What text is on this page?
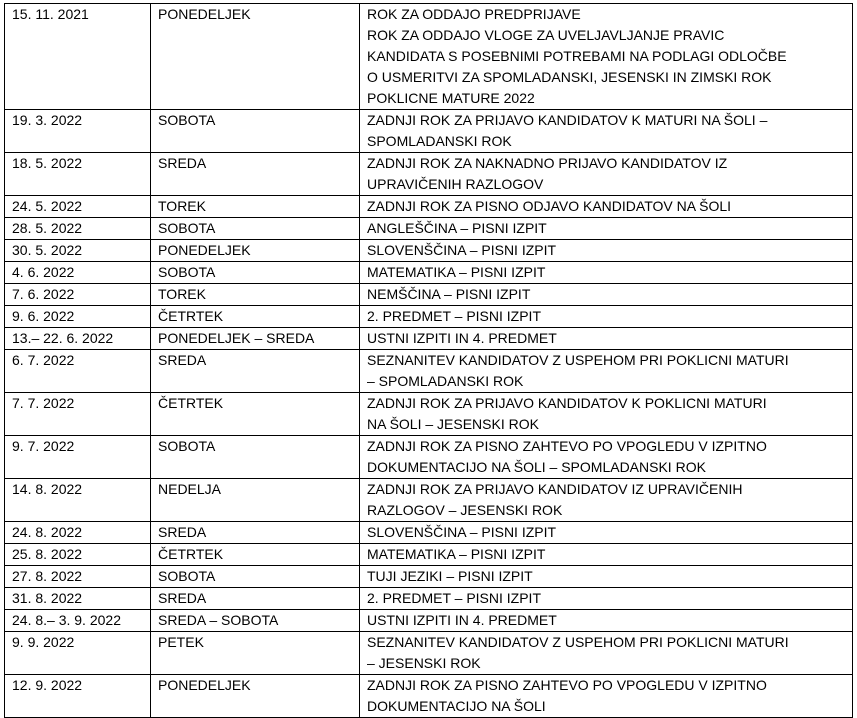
15. 11. 2021	PONEDELJEK	ROK ZA ODDAJO PREDPRIJAVE
ROK ZA ODDAJO VLOGE ZA UVELJAVLJANJE PRAVIC
KANDIDATA S POSEBNIMI POTREBAMI NA PODLAGI ODLOČBE
O USMERITVI ZA SPOMLADANSKI, JESENSKI IN ZIMSKI ROK
POKLICNE MATURE 2022

19. 3. 2022	SOBOTA	ZADNJI ROK ZA PRIJAVO KANDIDATOV K MATURI NA ŠOLI –
SPOMLADANSKI ROK

18. 5. 2022	SREDA	ZADNJI ROK ZA NAKNADNO PRIJAVO KANDIDATOV IZ
UPRAVIČENIH RAZLOGOV

24. 5. 2022	TOREK	ZADNJI ROK ZA PISNO ODJAVO KANDIDATOV NA ŠOLI

28. 5. 2022	SOBOTA	ANGLEŠČINA – PISNI IZPIT

30. 5. 2022	PONEDELJEK	SLOVENŠČINA – PISNI IZPIT

4. 6. 2022	SOBOTA	MATEMATIKA – PISNI IZPIT

7. 6. 2022	TOREK	NEMŠČINA – PISNI IZPIT

9. 6. 2022	ČETRTEK	2. PREDMET – PISNI IZPIT

13.– 22. 6. 2022	PONEDELJEK – SREDA	USTNI IZPITI IN 4. PREDMET

6. 7. 2022	SREDA	SEZNANITEV KANDIDATOV Z USPEHOM PRI POKLICNI MATURI
– SPOMLADANSKI ROK

7. 7. 2022	ČETRTEK	ZADNJI ROK ZA PRIJAVO KANDIDATOV K POKLICNI MATURI
NA ŠOLI – JESENSKI ROK

9. 7. 2022	SOBOTA	ZADNJI ROK ZA PISNO ZAHTEVO PO VPOGLEDU V IZPITNO
DOKUMENTACIJO NA ŠOLI – SPOMLADANSKI ROK

14. 8. 2022	NEDELJA	ZADNJI ROK ZA PRIJAVO KANDIDATOV IZ UPRAVIČENIH
RAZLOGOV – JESENSKI ROK

24. 8. 2022	SREDA	SLOVENŠČINA – PISNI IZPIT

25. 8. 2022	ČETRTEK	MATEMATIKA – PISNI IZPIT

27. 8. 2022	SOBOTA	TUJI JEZIKI – PISNI IZPIT

31. 8. 2022	SREDA	2. PREDMET – PISNI IZPIT

24. 8.– 3. 9. 2022	SREDA – SOBOTA	USTNI IZPITI IN 4. PREDMET

9. 9. 2022	PETEK	SEZNANITEV KANDIDATOV Z USPEHOM PRI POKLICNI MATURI
– JESENSKI ROK

12. 9. 2022	PONEDELJEK	ZADNJI ROK ZA PISNO ZAHTEVO PO VPOGLEDU V IZPITNO
DOKUMENTACIJO NA ŠOLI
